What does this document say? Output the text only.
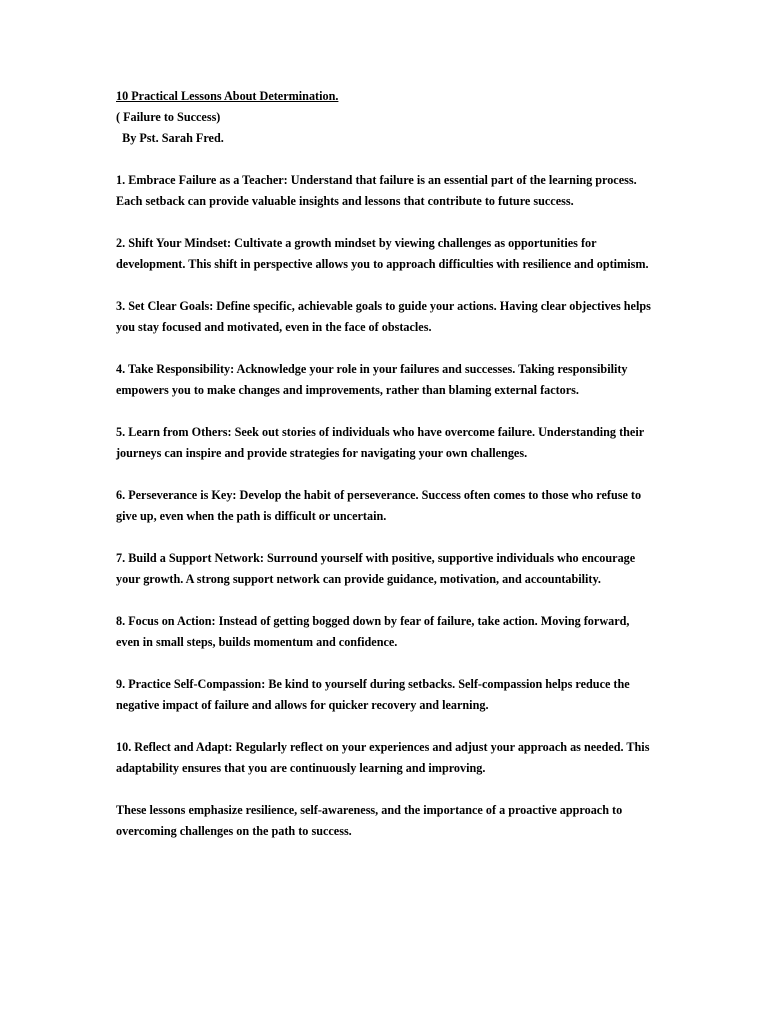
10 Practical Lessons About Determination.
( Failure to Success)
By Pst. Sarah Fred.
1. Embrace Failure as a Teacher: Understand that failure is an essential part of the learning process. Each setback can provide valuable insights and lessons that contribute to future success.
2. Shift Your Mindset: Cultivate a growth mindset by viewing challenges as opportunities for development. This shift in perspective allows you to approach difficulties with resilience and optimism.
3. Set Clear Goals: Define specific, achievable goals to guide your actions. Having clear objectives helps you stay focused and motivated, even in the face of obstacles.
4. Take Responsibility: Acknowledge your role in your failures and successes. Taking responsibility empowers you to make changes and improvements, rather than blaming external factors.
5. Learn from Others: Seek out stories of individuals who have overcome failure. Understanding their journeys can inspire and provide strategies for navigating your own challenges.
6. Perseverance is Key: Develop the habit of perseverance. Success often comes to those who refuse to give up, even when the path is difficult or uncertain.
7. Build a Support Network: Surround yourself with positive, supportive individuals who encourage your growth. A strong support network can provide guidance, motivation, and accountability.
8. Focus on Action: Instead of getting bogged down by fear of failure, take action. Moving forward, even in small steps, builds momentum and confidence.
9. Practice Self-Compassion: Be kind to yourself during setbacks. Self-compassion helps reduce the negative impact of failure and allows for quicker recovery and learning.
10. Reflect and Adapt: Regularly reflect on your experiences and adjust your approach as needed. This adaptability ensures that you are continuously learning and improving.

These lessons emphasize resilience, self-awareness, and the importance of a proactive approach to overcoming challenges on the path to success.
